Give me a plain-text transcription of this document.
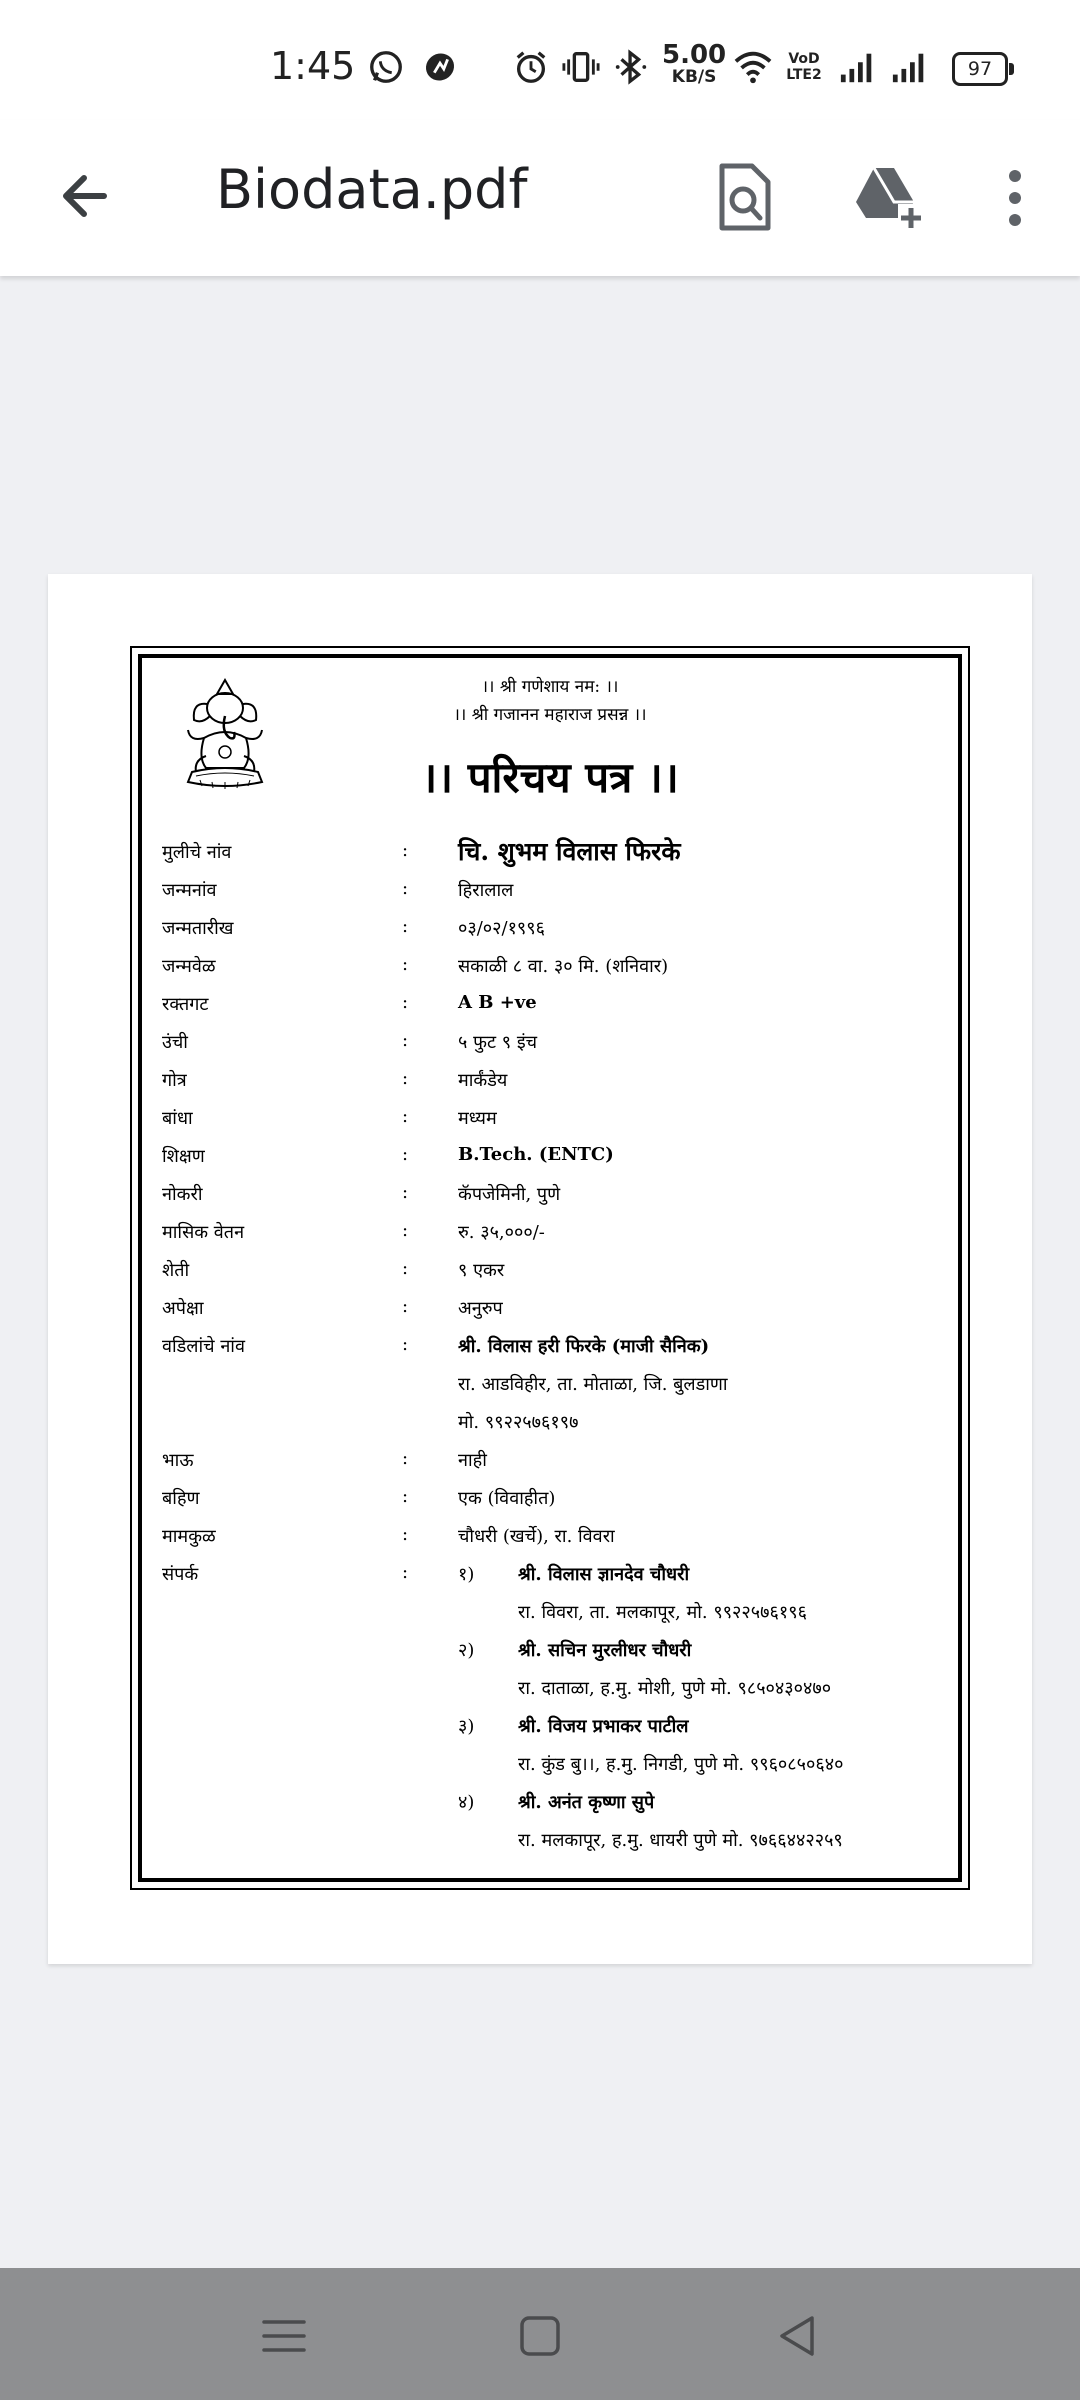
1:45	5.00
KB/S
VoD LTE2	97
Biodata.pdf
।। श्री गणेशाय नम: ।।
।। श्री गजानन महाराज प्रसन्न ।।
।। परिचय पत्र ।।
मुलीचे नांव	: चि. शुभम विलास फिरके
जन्मनांव	:	हिरालाल
जन्मतारीख	:	०३/०२/१९९६
जन्मवेळ	:	सकाळी ८ वा. ३० मि. (शनिवार)
रक्तगट	:	A B +ve
उंची	:	५ फुट ९ इंच
गोत्र	:	मार्कंडेय
बांधा	:	मध्यम
शिक्षण	:	B.Tech. (ENTC)
नोकरी	:	कॅपजेमिनी, पुणे
मासिक वेतन	:	रु. ३५,०००/-
शेती	:	९ एकर
अपेक्षा	:	अनुरुप
वडिलांचे नांव	:	श्री. विलास हरी फिरके (माजी सैनिक)
रा. आडविहीर, ता. मोताळा, जि. बुलडाणा
मो. ९९२२५७६१९७
भाऊ	:	नाही
बहिण	:	एक (विवाहीत)
मामकुळ	:	चौधरी (खर्चे), रा. विवरा
संपर्क	:	१) श्री. विलास ज्ञानदेव चौधरी
रा. विवरा, ता. मलकापूर, मो. ९९२२५७६१९६
२) श्री. सचिन मुरलीधर चौधरी
रा. दाताळा, ह.मु. मोशी, पुणे मो. ९८५०४३०४७०
३) श्री. विजय प्रभाकर पाटील
रा. कुंड बु।।, ह.मु. निगडी, पुणे मो. ९९६०८५०६४०
४) श्री. अनंत कृष्णा सुपे
रा. मलकापूर, ह.मु. धायरी पुणे मो. ९७६६४४२२५९
